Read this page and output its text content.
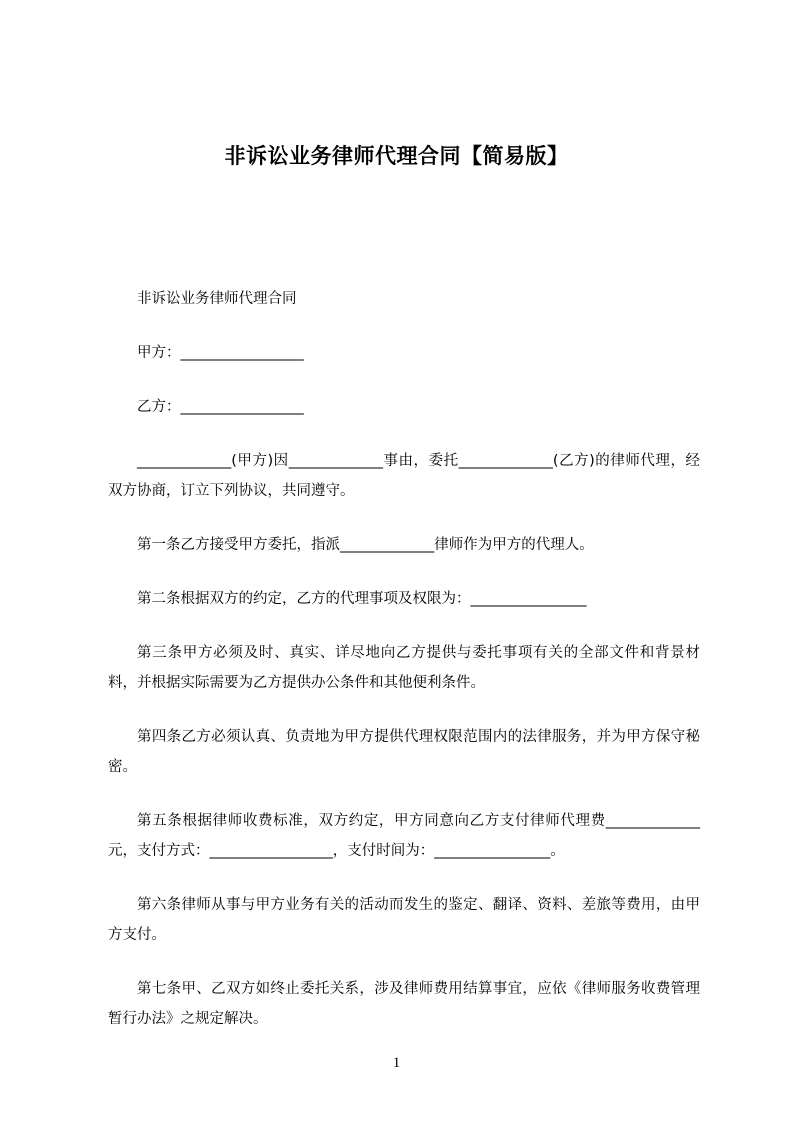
非诉讼业务律师代理合同【简易版】

非诉讼业务律师代理合同

甲方：_________________

乙方：_________________

_____________(甲方)因_____________事由，委托_____________(乙方)的律师代理，经双方协商，订立下列协议，共同遵守。

第一条乙方接受甲方委托，指派_____________律师作为甲方的代理人。

第二条根据双方的约定，乙方的代理事项及权限为：________________

第三条甲方必须及时、真实、详尽地向乙方提供与委托事项有关的全部文件和背景材料，并根据实际需要为乙方提供办公条件和其他便利条件。

第四条乙方必须认真、负责地为甲方提供代理权限范围内的法律服务，并为甲方保守秘密。

第五条根据律师收费标准，双方约定，甲方同意向乙方支付律师代理费_____________元，支付方式：_________________，支付时间为：________________。

第六条律师从事与甲方业务有关的活动而发生的鉴定、翻译、资料、差旅等费用，由甲方支付。

第七条甲、乙双方如终止委托关系，涉及律师费用结算事宜，应依《律师服务收费管理暂行办法》之规定解决。

1
